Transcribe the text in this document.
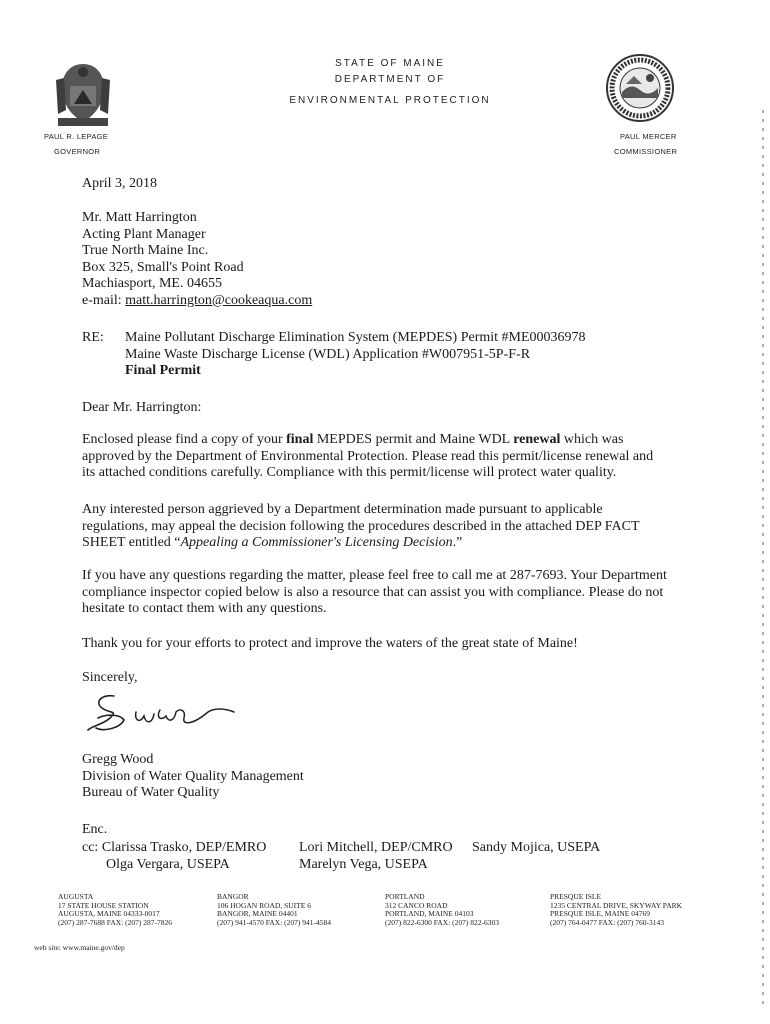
STATE OF MAINE
DEPARTMENT OF
ENVIRONMENTAL PROTECTION
PAUL R. LEPAGE
GOVERNOR
PAUL MERCER
COMMISSIONER
April 3, 2018
Mr. Matt Harrington
Acting Plant Manager
True North Maine Inc.
Box 325, Small's Point Road
Machiasport, ME. 04655
e-mail: matt.harrington@cookeaqua.com
RE: Maine Pollutant Discharge Elimination System (MEPDES) Permit #ME00036978
Maine Waste Discharge License (WDL) Application #W007951-5P-F-R
Final Permit
Dear Mr. Harrington:
Enclosed please find a copy of your final MEPDES permit and Maine WDL renewal which was
approved by the Department of Environmental Protection. Please read this permit/license renewal and
its attached conditions carefully. Compliance with this permit/license will protect water quality.
Any interested person aggrieved by a Department determination made pursuant to applicable
regulations, may appeal the decision following the procedures described in the attached DEP FACT
SHEET entitled “Appealing a Commissioner's Licensing Decision.”
If you have any questions regarding the matter, please feel free to call me at 287-7693. Your Department
compliance inspector copied below is also a resource that can assist you with compliance. Please do not
hesitate to contact them with any questions.
Thank you for your efforts to protect and improve the waters of the great state of Maine!
Sincerely,
Gregg Wood
Division of Water Quality Management
Bureau of Water Quality
Enc.
cc: Clarissa Trasko, DEP/EMRO
Olga Vergara, USEPA
Lori Mitchell, DEP/CMRO
Marelyn Vega, USEPA
Sandy Mojica, USEPA
AUGUSTA
17 STATE HOUSE STATION
AUGUSTA, MAINE 04333-0017
(207) 287-7688 FAX: (207) 287-7826
BANGOR
106 HOGAN ROAD, SUITE 6
BANGOR, MAINE 04401
(207) 941-4570 FAX: (207) 941-4584
PORTLAND
312 CANCO ROAD
PORTLAND, MAINE 04103
(207) 822-6300 FAX: (207) 822-6303
PRESQUE ISLE
1235 CENTRAL DRIVE, SKYWAY PARK
PRESQUE ISLE, MAINE 04769
(207) 764-0477 FAX: (207) 760-3143
web site: www.maine.gov/dep
